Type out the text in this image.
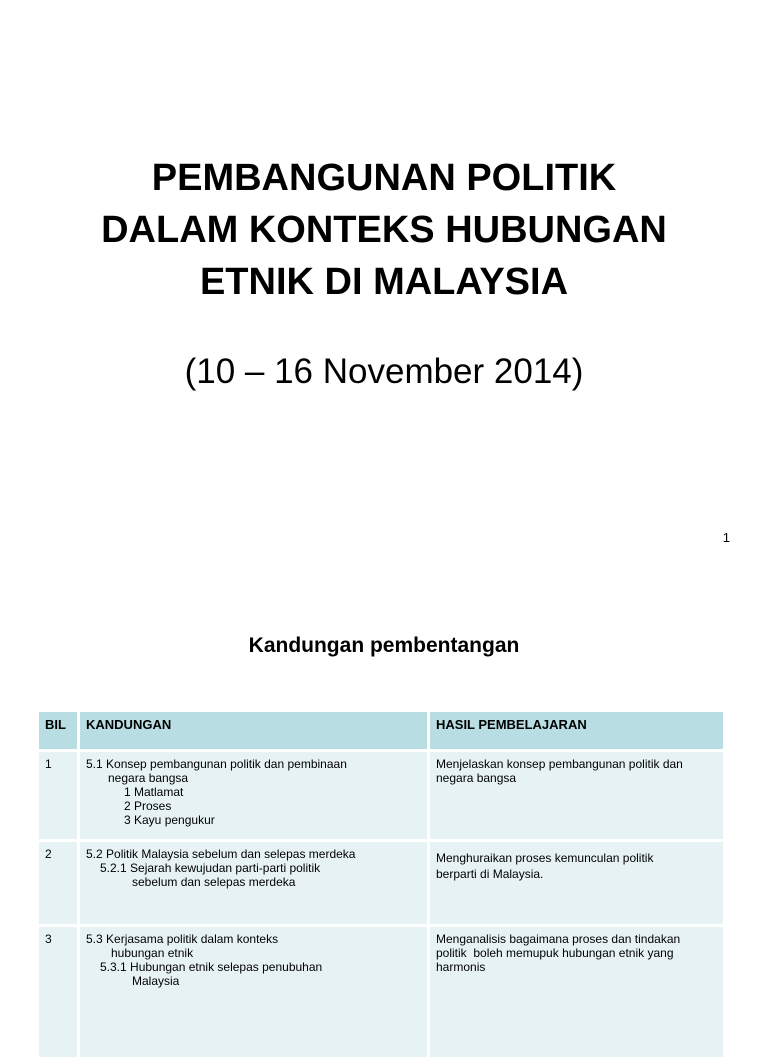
PEMBANGUNAN POLITIK
DALAM KONTEKS HUBUNGAN
ETNIK DI MALAYSIA

(10 – 16 November 2014)

1
Kandungan pembentangan
BIL	KANDUNGAN	HASIL PEMBELAJARAN
1	5.1 Konsep pembangunan politik dan pembinaan
negara bangsa
1 Matlamat
2 Proses
3 Kayu pengukur	Menjelaskan konsep pembangunan politik dan
negara bangsa

2	5.2 Politik Malaysia sebelum dan selepas merdeka
5.2.1 Sejarah kewujudan parti-parti politik
sebelum dan selepas merdeka	Menghuraikan proses kemunculan politik
berparti di Malaysia.

3	5.3 Kerjasama politik dalam konteks
hubungan etnik
5.3.1 Hubungan etnik selepas penubuhan
Malaysia	Menganalisis bagaimana proses dan tindakan
politik  boleh memupuk hubungan etnik yang
harmonis
